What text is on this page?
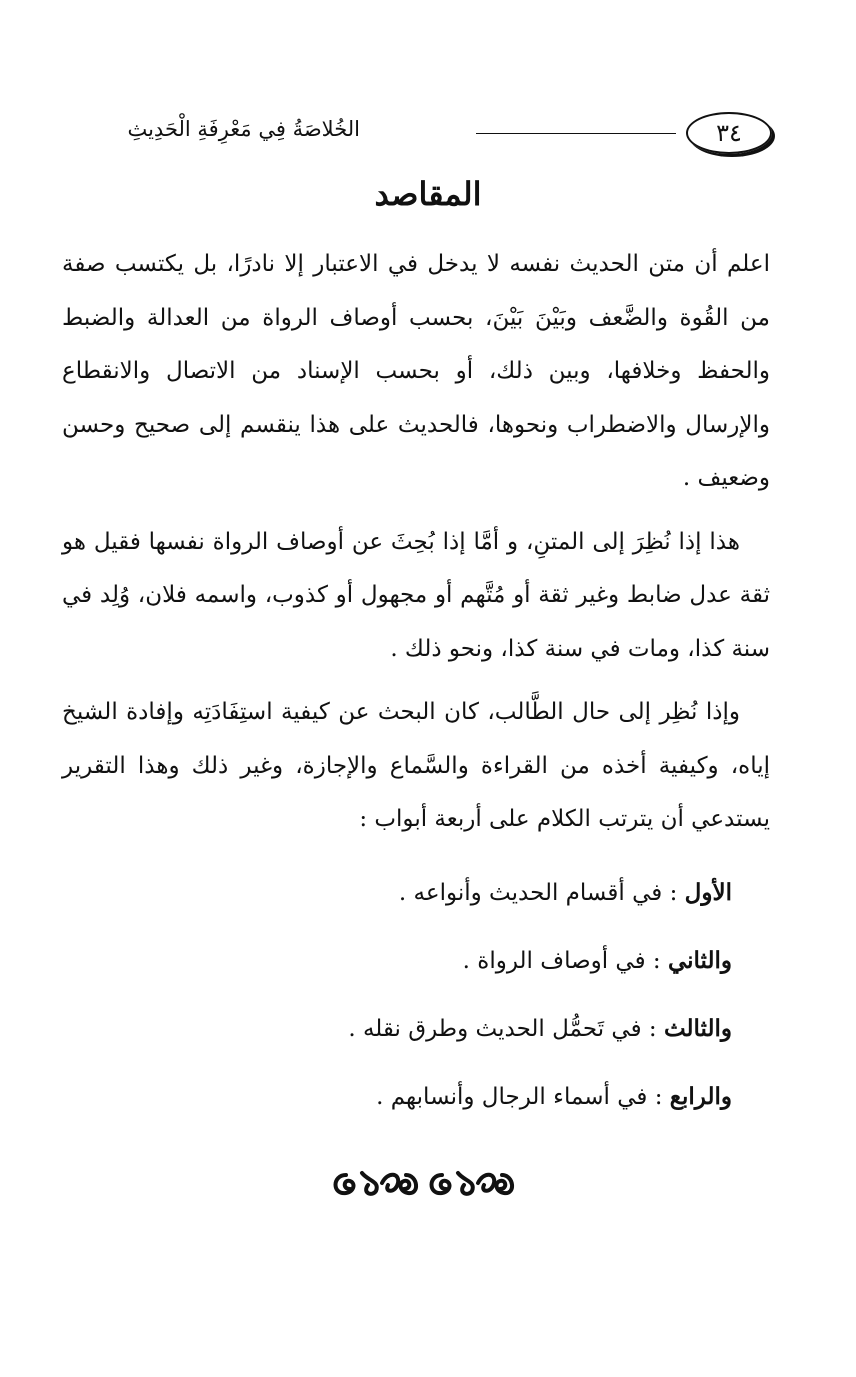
٣٤
الخُلاصَةُ فِي مَعْرِفَةِ الْحَدِيثِ
المقاصد

اعلم أن متن الحديث نفسه لا يدخل في الاعتبار إلا نادرًا، بل يكتسب صفة من القُوة والضَّعف وبَيْنَ بَيْنَ، بحسب أوصاف الرواة من العدالة والضبط والحفظ وخلافها، وبين ذلك، أو بحسب الإسناد من الاتصال والانقطاع والإرسال والاضطراب ونحوها، فالحديث على هذا ينقسم إلى صحيح وحسن وضعيف .

هذا إذا نُظِرَ إلى المتنِ، و أمَّا إذا بُحِثَ عن أوصاف الرواة نفسها فقيل هو ثقة عدل ضابط وغير ثقة أو مُتَّهم أو مجهول أو كذوب، واسمه فلان، وُلِد في سنة كذا، ومات في سنة كذا، ونحو ذلك .

وإذا نُظِر إلى حال الطَّالب، كان البحث عن كيفية استِفَادَتِه وإفادة الشيخ إياه، وكيفية أخذه من القراءة والسَّماع والإجازة، وغير ذلك وهذا التقرير يستدعي أن يترتب الكلام على أربعة أبواب :

الأول : في أقسام الحديث وأنواعه .
والثاني : في أوصاف الرواة .
والثالث : في تَحمُّل الحديث وطرق نقله .
والرابع : في أسماء الرجال وأنسابهم .
